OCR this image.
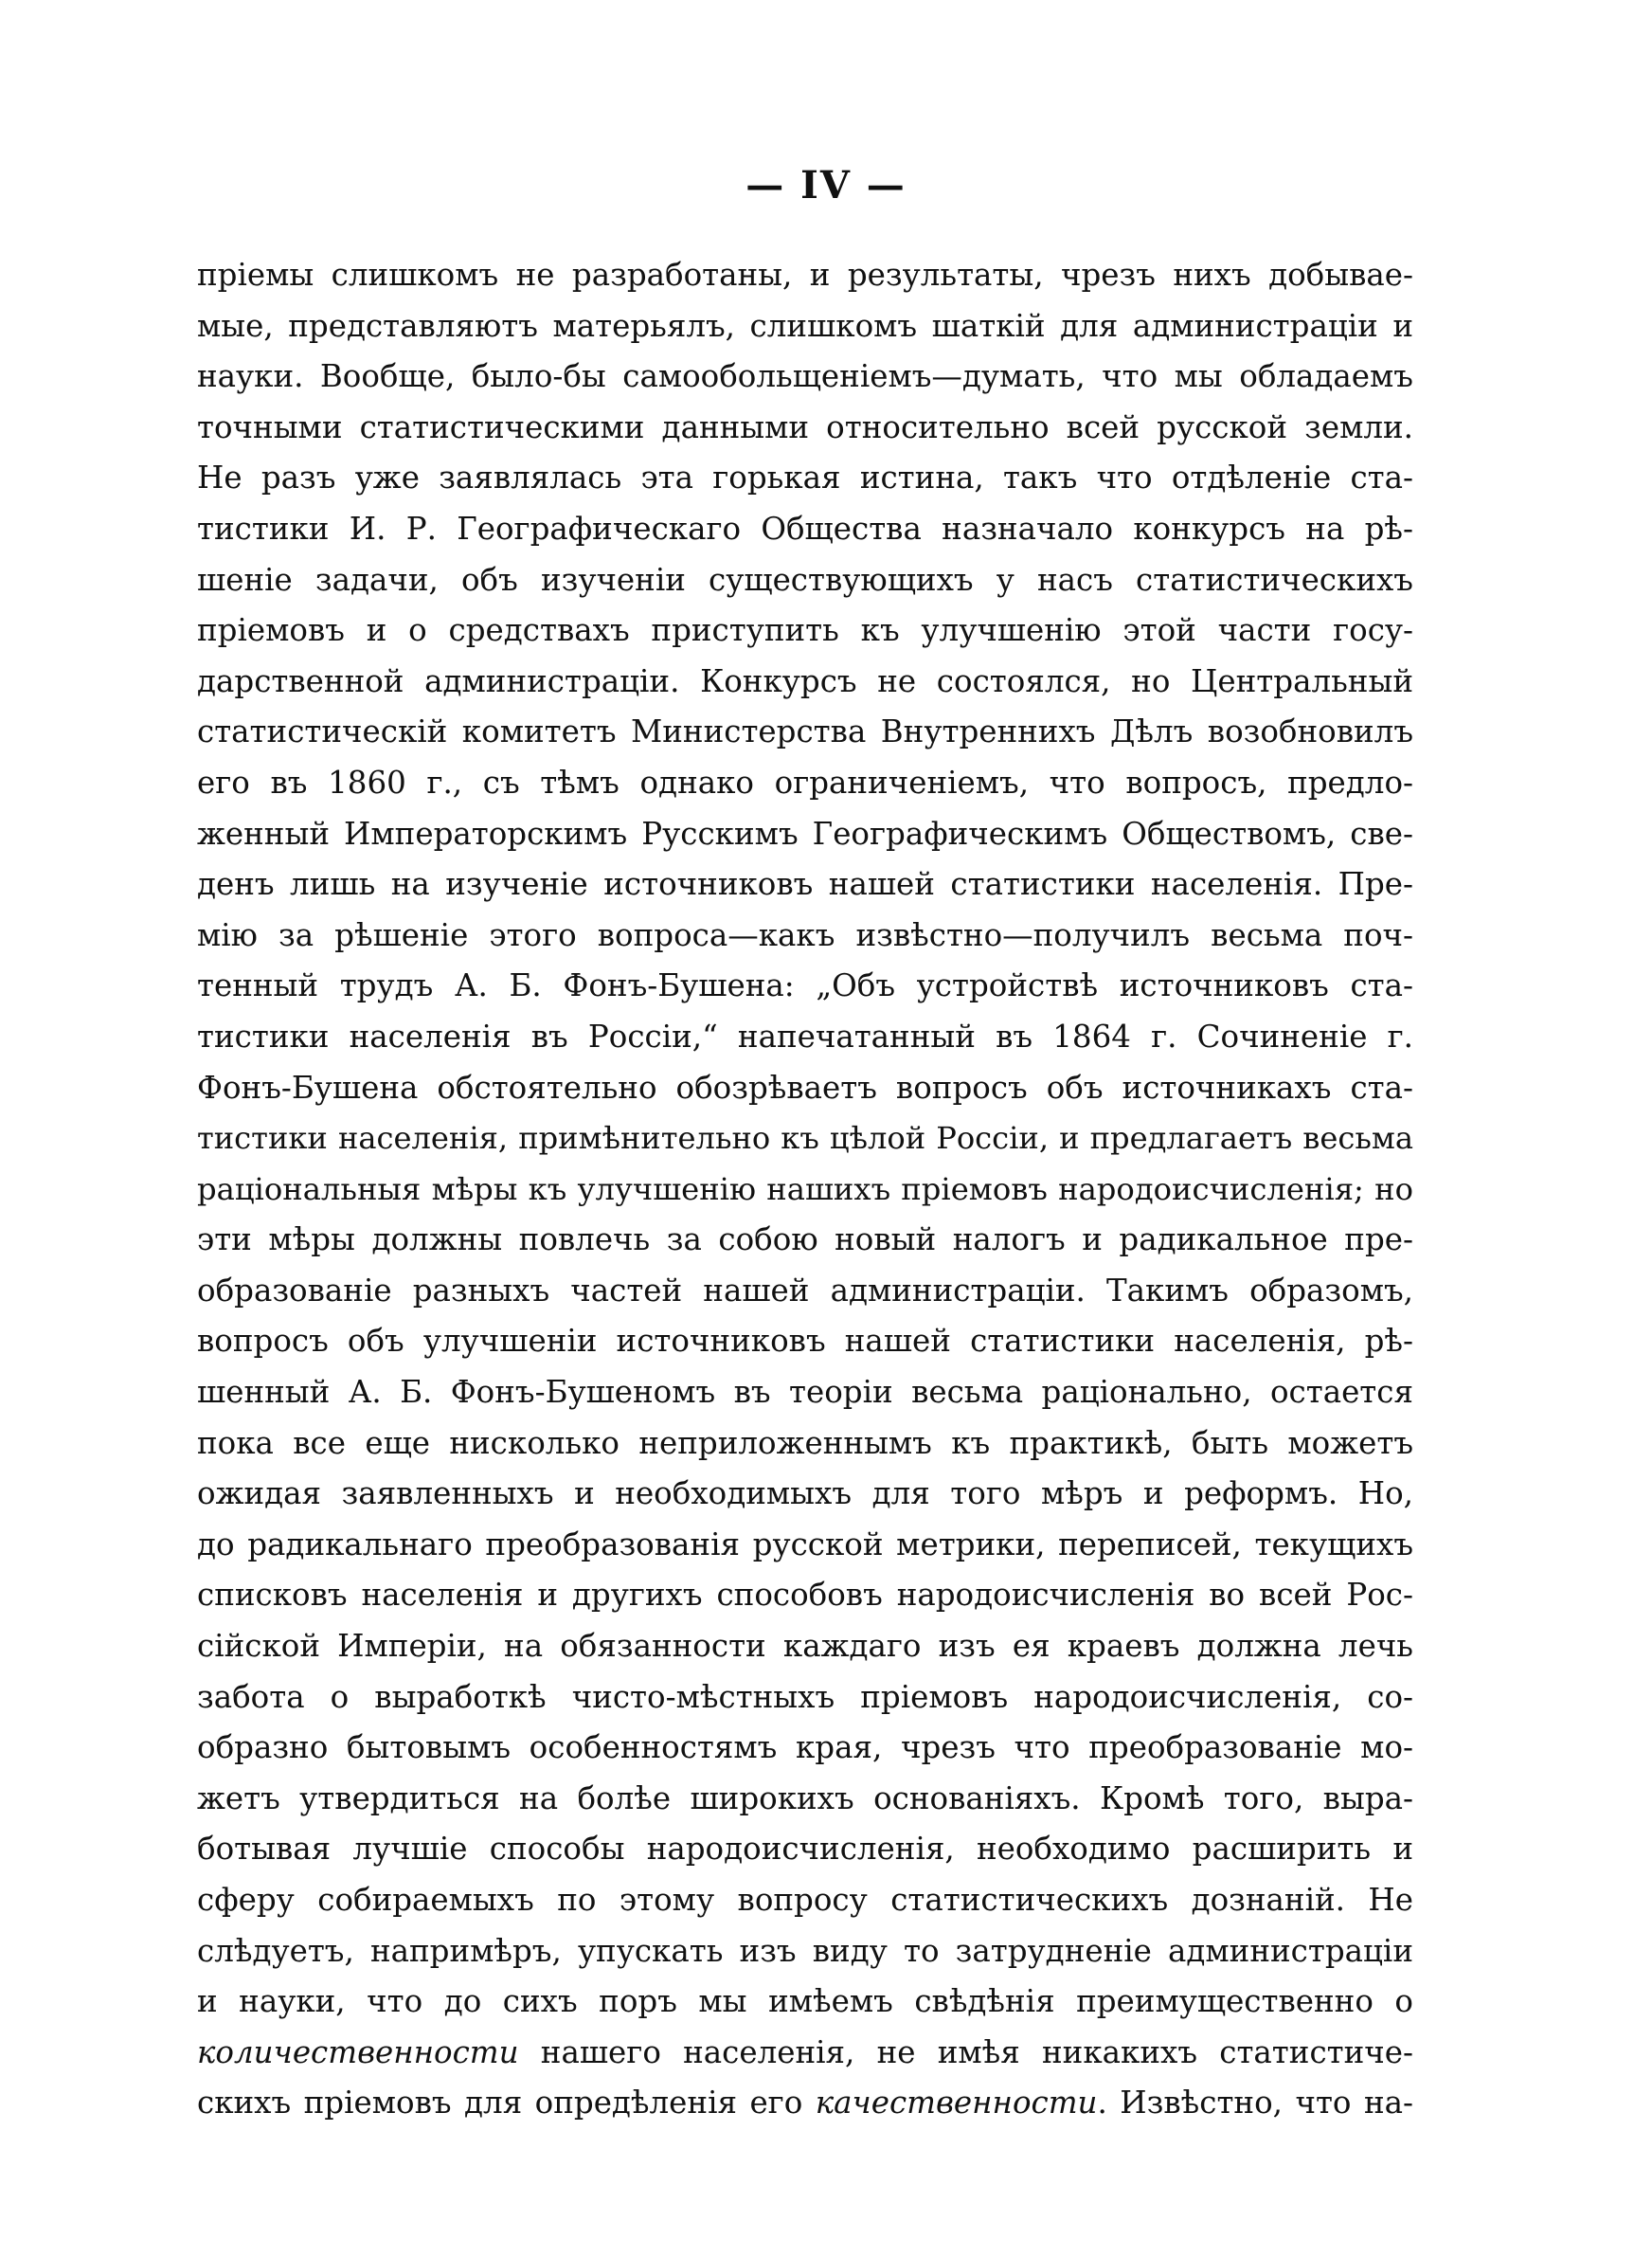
— IV —
пріемы слишкомъ не разработаны, и результаты, чрезъ нихъ добывае-
мые, представляютъ матерьялъ, слишкомъ шаткій для администраціи и
науки. Вообще, было-бы самообольщеніемъ—думать, что мы обладаемъ
точными статистическими данными относительно всей русской земли.
Не разъ уже заявлялась эта горькая истина, такъ что отдѣленіе ста-
тистики И. Р. Географическаго Общества назначало конкурсъ на рѣ-
шеніе задачи, объ изученіи существующихъ у насъ статистическихъ
пріемовъ и о средствахъ приступить къ улучшенію этой части госу-
дарственной администраціи. Конкурсъ не состоялся, но Центральный
статистическій комитетъ Министерства Внутреннихъ Дѣлъ возобновилъ
его въ 1860 г., съ тѣмъ однако ограниченіемъ, что вопросъ, предло-
женный Императорскимъ Русскимъ Географическимъ Обществомъ, све-
денъ лишь на изученіе источниковъ нашей статистики населенія. Пре-
мію за рѣшеніе этого вопроса—какъ извѣстно—получилъ весьма поч-
тенный трудъ А. Б. Фонъ-Бушена: „Объ устройствѣ источниковъ ста-
тистики населенія въ Россіи,“ напечатанный въ 1864 г. Сочиненіе г.
Фонъ-Бушена обстоятельно обозрѣваетъ вопросъ объ источникахъ ста-
тистики населенія, примѣнительно къ цѣлой Россіи, и предлагаетъ весьма
раціональныя мѣры къ улучшенію нашихъ пріемовъ народоисчисленія; но
эти мѣры должны повлечь за собою новый налогъ и радикальное пре-
образованіе разныхъ частей нашей администраціи. Такимъ образомъ,
вопросъ объ улучшеніи источниковъ нашей статистики населенія, рѣ-
шенный А. Б. Фонъ-Бушеномъ въ теоріи весьма раціонально, остается
пока все еще нисколько неприложеннымъ къ практикѣ, быть можетъ
ожидая заявленныхъ и необходимыхъ для того мѣръ и реформъ. Но,
до радикальнаго преобразованія русской метрики, переписей, текущихъ
списковъ населенія и другихъ способовъ народоисчисленія во всей Рос-
сійской Имперіи, на обязанности каждаго изъ ея краевъ должна лечь
забота о выработкѣ чисто-мѣстныхъ пріемовъ народоисчисленія, со-
образно бытовымъ особенностямъ края, чрезъ что преобразованіе мо-
жетъ утвердиться на болѣе широкихъ основаніяхъ. Кромѣ того, выра-
ботывая лучшіе способы народоисчисленія, необходимо расширить и
сферу собираемыхъ по этому вопросу статистическихъ дознаній. Не
слѣдуетъ, напримѣръ, упускать изъ виду то затрудненіе администраціи
и науки, что до сихъ поръ мы имѣемъ свѣдѣнія преимущественно о
количественности нашего населенія, не имѣя никакихъ статистиче-
скихъ пріемовъ для опредѣленія его качественности. Извѣстно, что на-
